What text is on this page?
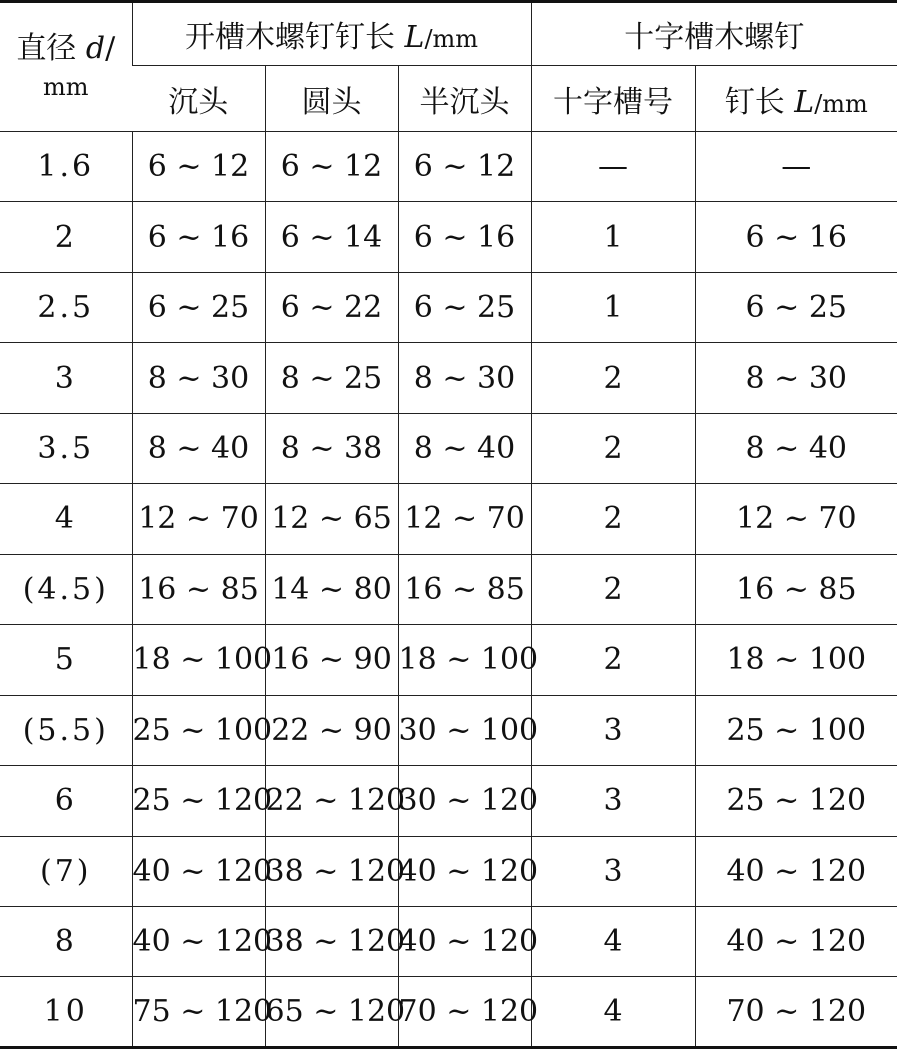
直径 d/
mm	开槽木螺钉钉长 L/mm			十字槽木螺钉	
	沉头	圆头	半沉头	十字槽号	钉长 L/mm
1.6	6 ~ 12	6 ~ 12	6 ~ 12	—	—
2	6 ~ 16	6 ~ 14	6 ~ 16	1	6 ~ 16
2.5	6 ~ 25	6 ~ 22	6 ~ 25	1	6 ~ 25
3	8 ~ 30	8 ~ 25	8 ~ 30	2	8 ~ 30
3.5	8 ~ 40	8 ~ 38	8 ~ 40	2	8 ~ 40
4	12 ~ 70	12 ~ 65	12 ~ 70	2	12 ~ 70
(4.5)	16 ~ 85	14 ~ 80	16 ~ 85	2	16 ~ 85
5	18 ~ 100	16 ~ 90	18 ~ 100	2	18 ~ 100
(5.5)	25 ~ 100	22 ~ 90	30 ~ 100	3	25 ~ 100
6	25 ~ 120	22 ~ 120	30 ~ 120	3	25 ~ 120
(7)	40 ~ 120	38 ~ 120	40 ~ 120	3	40 ~ 120
8	40 ~ 120	38 ~ 120	40 ~ 120	4	40 ~ 120
10	75 ~ 120	65 ~ 120	70 ~ 120	4	70 ~ 120
